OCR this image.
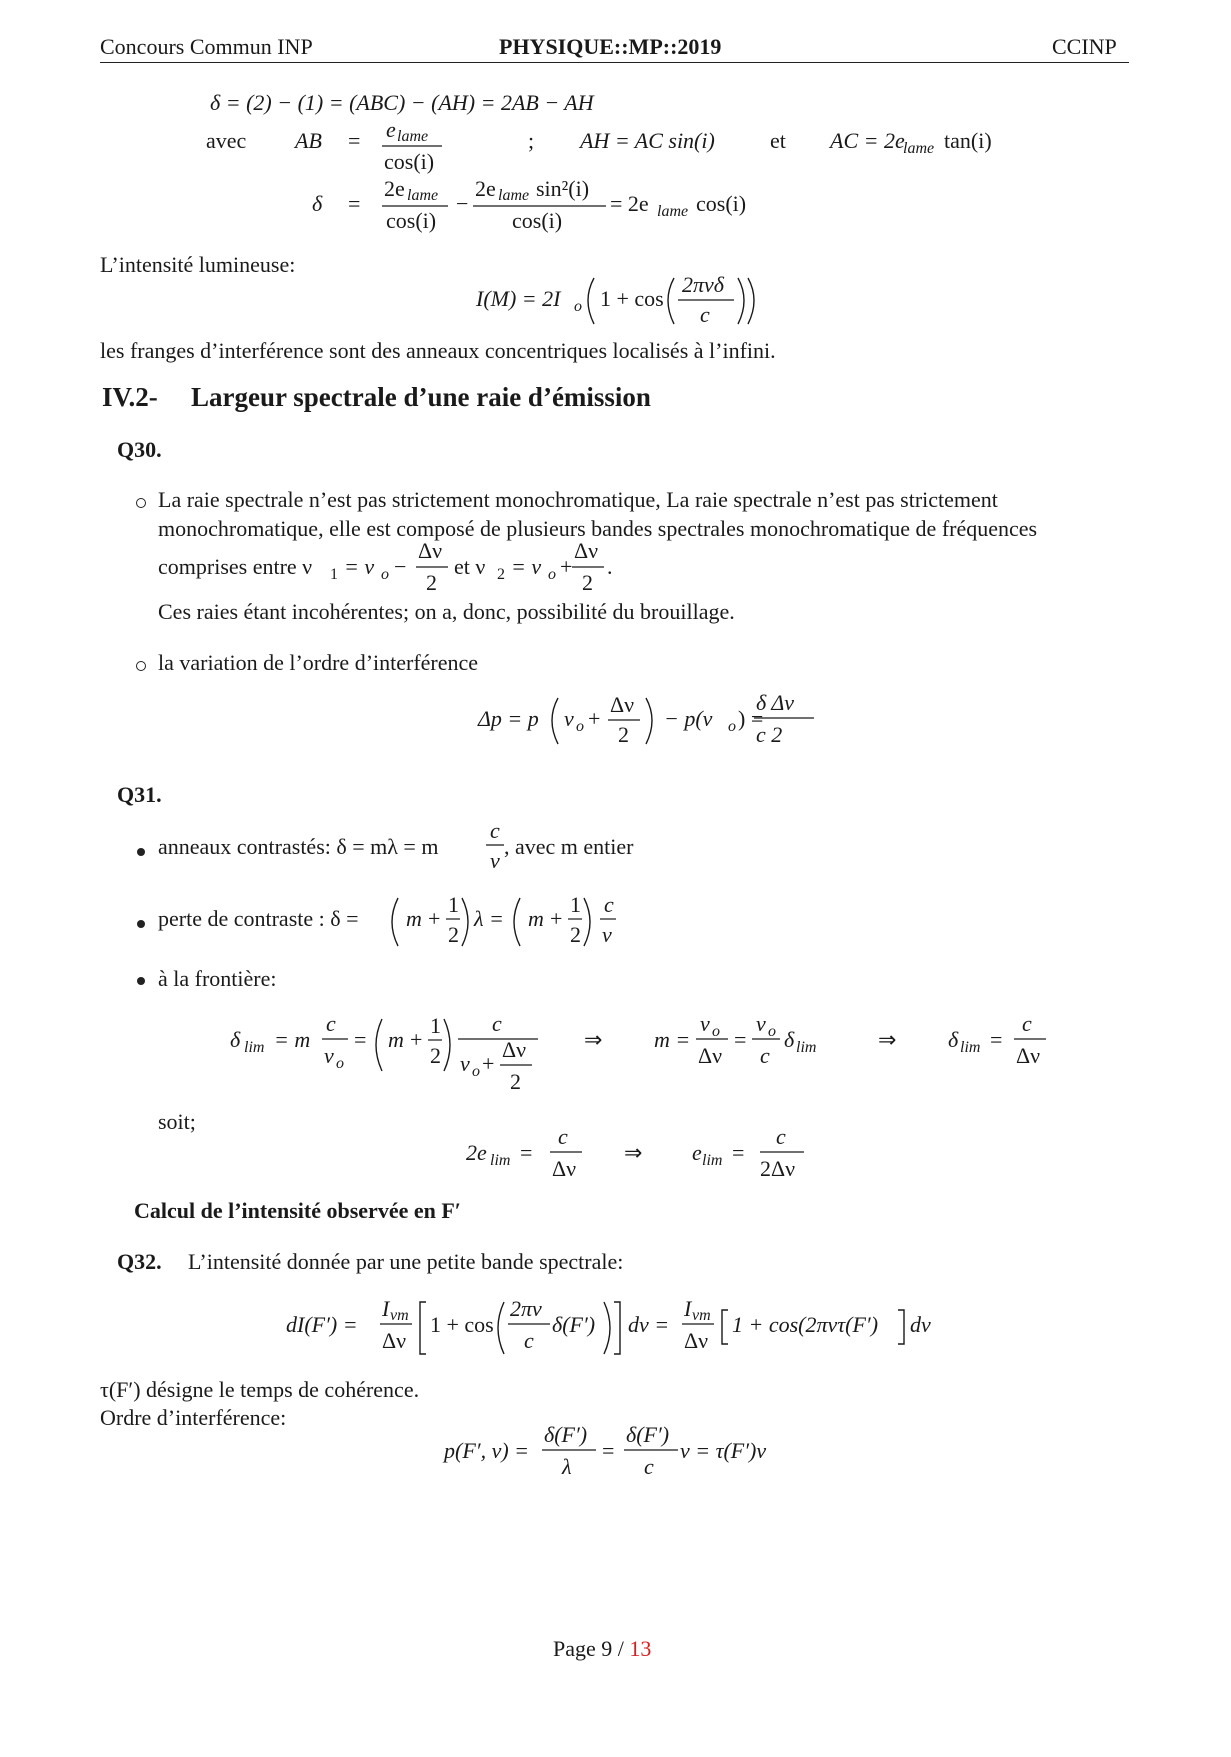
Concours Commun INP	PHYSIQUE::MP::2019	CCINP
δ = (2) − (1) = (ABC) − (AH) = 2AB − AH
avec AB = e lame
cos(i)
; AH = AC sin(i)	et AC = 2e
lame tan(i)
δ =
2e lame
cos(i)
−
2e lame sin²(i)
cos(i)
= 2e lame cos(i)
L’intensité lumineuse:
I(M) = 2I o 1 + cos
2πνδ
c
les franges d’interférence sont des anneaux concentriques localisés à l’infini.
IV.2- Largeur spectrale d’une raie d’émission
Q30.
La raie spectrale n’est pas strictement monochromatique, La raie spectrale n’est pas strictement
monochromatique, elle est composé de plusieurs bandes spectrales monochromatique de fréquences
comprises entre ν 1 = ν o −
Δν
2
et ν 2 = ν o +
Δν
2
.
Ces raies étant incohérentes; on a, donc, possibilité du brouillage.
la variation de l’ordre d’interférence
Δp = p ν o +
Δν
2
− p(ν o ) =
δ Δν
c 2
Q31.
anneaux contrastés: δ = mλ = m
c
ν
, avec m entier
perte de contraste : δ = m +
1
2
λ = m +
1
2
c
ν
à la frontière:
δ lim = m
c
ν o
= m +
1
2
c
ν o +
Δν
2
⇒ m =
ν o
Δν
=
ν o
c
δ lim	⇒ δ lim =
c
Δν
soit;
2e lim =
c
Δν
⇒ e lim =
c
2Δν
Calcul de l’intensité observée en F′
Q32. L’intensité donnée par une petite bande spectrale:
dI(F′) =
I νm
Δν
1 + cos
2πν
c
δ(F′) dν =
I νm
Δν
1 + cos(2πντ(F′) dν
τ(F′) désigne le temps de cohérence.
Ordre d’interférence:
p(F′, ν) =
δ(F′)
λ
=
δ(F′)
c
ν = τ(F′)ν
Page 9 / 13
